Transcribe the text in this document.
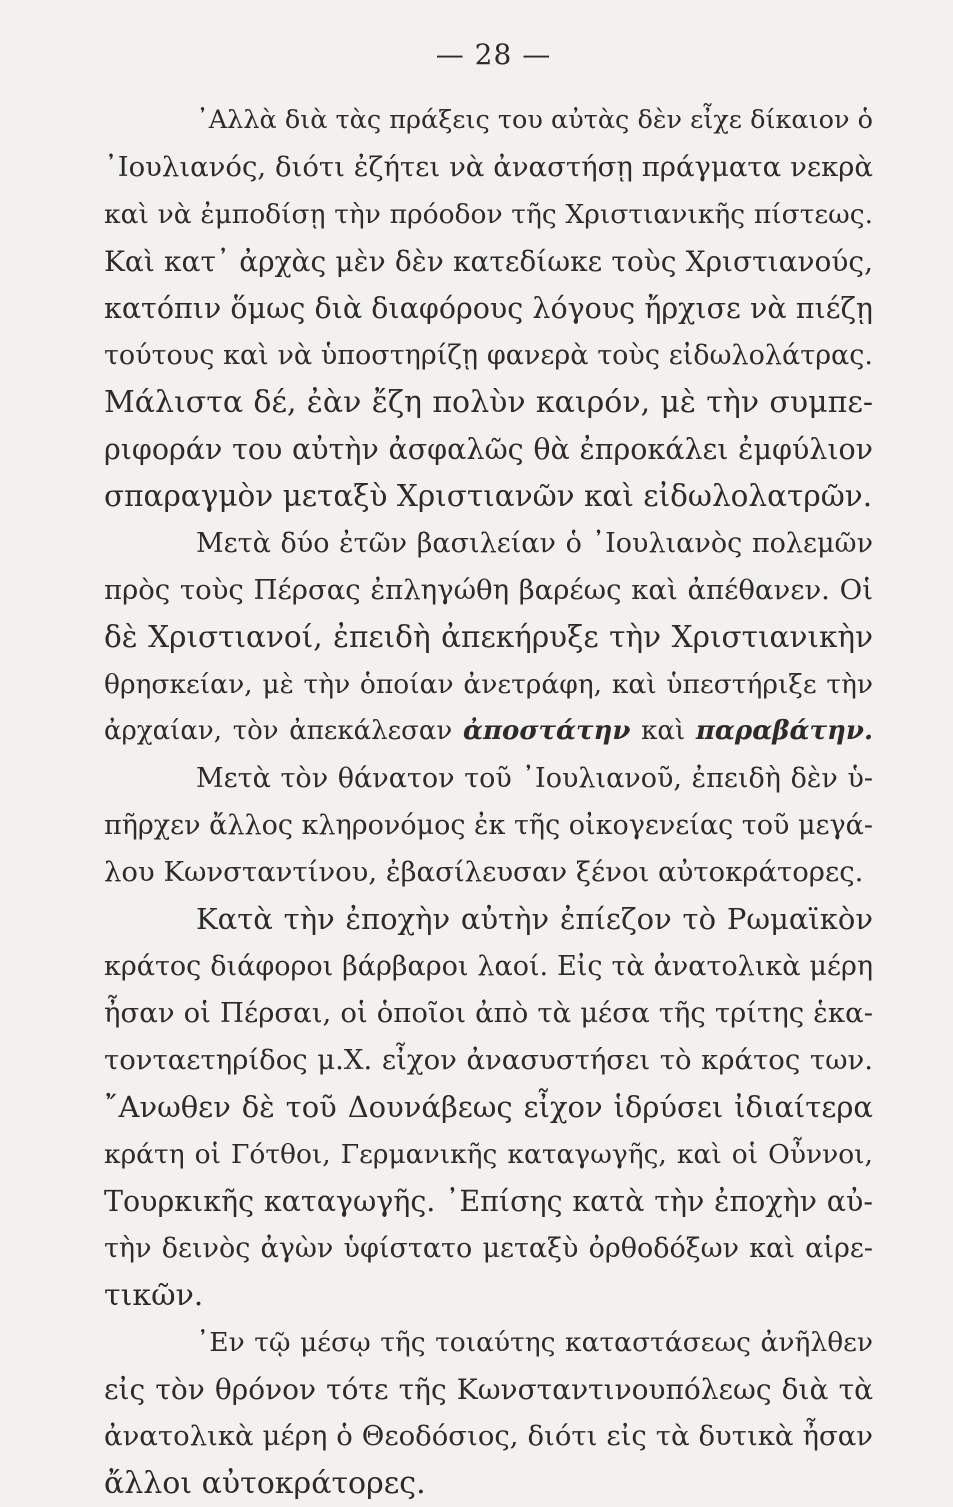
— 28 —
᾿Αλλὰ διὰ τὰς πράξεις του αὐτὰς δὲν εἶχε δίκαιον ὁ
᾿Ιουλιανός, διότι ἐζήτει νὰ ἀναστήσῃ πράγματα νεκρὰ
καὶ νὰ ἐμποδίσῃ τὴν πρόοδον τῆς Χριστιανικῆς πίστεως.
Καὶ κατ᾿ ἀρχὰς μὲν δὲν κατεδίωκε τοὺς Χριστιανούς,
κατόπιν ὅμως διὰ διαφόρους λόγους ἤρχισε νὰ πιέζῃ
τούτους καὶ νὰ ὑποστηρίζῃ φανερὰ τοὺς εἰδωλολάτρας.
Μάλιστα δέ, ἐὰν ἔζη πολὺν καιρόν, μὲ τὴν συμπε-
ριφοράν του αὐτὴν ἀσφαλῶς θὰ ἐπροκάλει ἐμφύλιον
σπαραγμὸν μεταξὺ Χριστιανῶν καὶ εἰδωλολατρῶν.
Μετὰ δύο ἐτῶν βασιλείαν ὁ ᾿Ιουλιανὸς πολεμῶν
πρὸς τοὺς Πέρσας ἐπληγώθη βαρέως καὶ ἀπέθανεν. Οἱ
δὲ Χριστιανοί, ἐπειδὴ ἀπεκήρυξε τὴν Χριστιανικὴν
θρησκείαν, μὲ τὴν ὁποίαν ἀνετράφη, καὶ ὑπεστήριξε τὴν
ἀρχαίαν, τὸν ἀπεκάλεσαν ἀποστάτην καὶ παραβάτην.
Μετὰ τὸν θάνατον τοῦ ᾿Ιουλιανοῦ, ἐπειδὴ δὲν ὑ-
πῆρχεν ἄλλος κληρονόμος ἐκ τῆς οἰκογενείας τοῦ μεγά-
λου Κωνσταντίνου, ἐβασίλευσαν ξένοι αὐτοκράτορες.
Κατὰ τὴν ἐποχὴν αὐτὴν ἐπίεζον τὸ Ρωμαϊκὸν
κράτος διάφοροι βάρβαροι λαοί. Εἰς τὰ ἀνατολικὰ μέρη
ἦσαν οἱ Πέρσαι, οἱ ὁποῖοι ἀπὸ τὰ μέσα τῆς τρίτης ἑκα-
τονταετηρίδος μ.Χ. εἶχον ἀνασυστήσει τὸ κράτος των.
῎Ανωθεν δὲ τοῦ Δουνάβεως εἶχον ἱδρύσει ἰδιαίτερα
κράτη οἱ Γότθοι, Γερμανικῆς καταγωγῆς, καὶ οἱ Οὖννοι,
Τουρκικῆς καταγωγῆς. ᾿Επίσης κατὰ τὴν ἐποχὴν αὐ-
τὴν δεινὸς ἀγὼν ὑφίστατο μεταξὺ ὀρθοδόξων καὶ αἱρε-
τικῶν.
᾿Εν τῷ μέσῳ τῆς τοιαύτης καταστάσεως ἀνῆλθεν
εἰς τὸν θρόνον τότε τῆς Κωνσταντινουπόλεως διὰ τὰ
ἀνατολικὰ μέρη ὁ Θεοδόσιος, διότι εἰς τὰ δυτικὰ ἦσαν
ἄλλοι αὐτοκράτορες.
